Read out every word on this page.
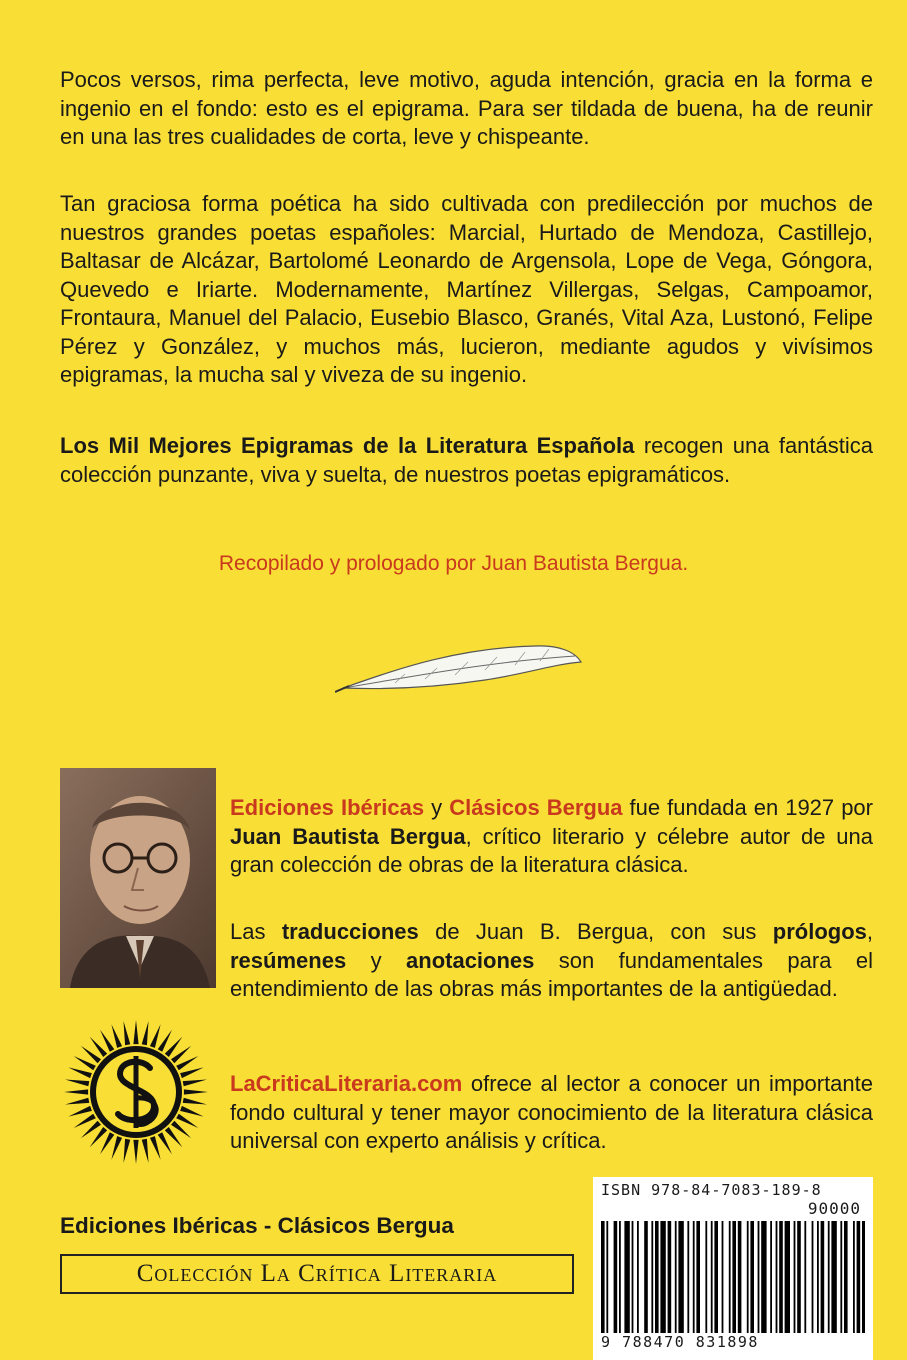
Pocos versos, rima perfecta, leve motivo, aguda intención, gracia en la forma e ingenio en el fondo: esto es el epigrama. Para ser tildada de buena, ha de reunir en una las tres cualidades de corta, leve y chispeante.

Tan graciosa forma poética ha sido cultivada con predilección por muchos de nuestros grandes poetas españoles: Marcial, Hurtado de Mendoza, Castillejo, Baltasar de Alcázar, Bartolomé Leonardo de Argensola, Lope de Vega, Góngora, Quevedo e Iriarte. Modernamente, Martínez Villergas, Selgas, Campoamor, Frontaura, Manuel del Palacio, Eusebio Blasco, Granés, Vital Aza, Lustonó, Felipe Pérez y González, y muchos más, lucieron, mediante agudos y vivísimos epigramas, la mucha sal y viveza de su ingenio.

Los Mil Mejores Epigramas de la Literatura Española recogen una fantástica colección punzante, viva y suelta, de nuestros poetas epigramáticos.

Recopilado y prologado por Juan Bautista Bergua.

Ediciones Ibéricas y Clásicos Bergua fue fundada en 1927 por Juan Bautista Bergua, crítico literario y célebre autor de una gran colección de obras de la literatura clásica.

Las traducciones de Juan B. Bergua, con sus prólogos, resúmenes y anotaciones son fundamentales para el entendimiento de las obras más importantes de la antigüedad.

LaCriticaLiteraria.com ofrece al lector a conocer un importante fondo cultural y tener mayor conocimiento de la literatura clásica universal con experto análisis y crítica.

Ediciones Ibéricas - Clásicos Bergua

Colección La Crítica Literaria
ISBN 978-84-7083-189-8
90000
9 788470 831898
